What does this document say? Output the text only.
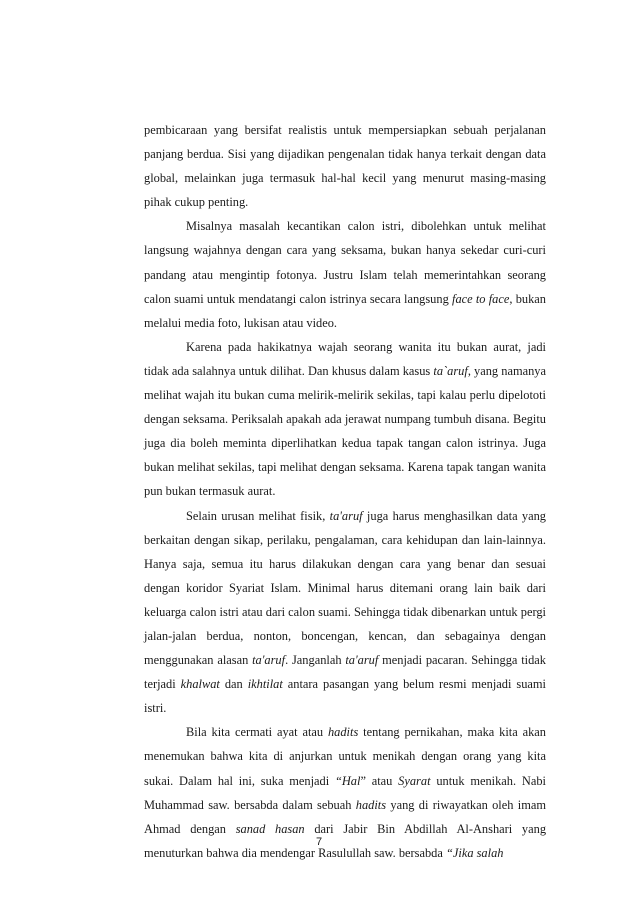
pembicaraan yang bersifat realistis untuk mempersiapkan sebuah perjalanan panjang berdua. Sisi yang dijadikan pengenalan tidak hanya terkait dengan data global, melainkan juga termasuk hal-hal kecil yang menurut masing-masing pihak cukup penting.

Misalnya masalah kecantikan calon istri, dibolehkan untuk melihat langsung wajahnya dengan cara yang seksama, bukan hanya sekedar curi-curi pandang atau mengintip fotonya. Justru Islam telah memerintahkan seorang calon suami untuk mendatangi calon istrinya secara langsung face to face, bukan melalui media foto, lukisan atau video.

Karena pada hakikatnya wajah seorang wanita itu bukan aurat, jadi tidak ada salahnya untuk dilihat. Dan khusus dalam kasus ta`aruf, yang namanya melihat wajah itu bukan cuma melirik-melirik sekilas, tapi kalau perlu dipelototi dengan seksama. Periksalah apakah ada jerawat numpang tumbuh disana. Begitu juga dia boleh meminta diperlihatkan kedua tapak tangan calon istrinya. Juga bukan melihat sekilas, tapi melihat dengan seksama. Karena tapak tangan wanita pun bukan termasuk aurat.

Selain urusan melihat fisik, ta'aruf juga harus menghasilkan data yang berkaitan dengan sikap, perilaku, pengalaman, cara kehidupan dan lain-lainnya. Hanya saja, semua itu harus dilakukan dengan cara yang benar dan sesuai dengan koridor Syariat Islam. Minimal harus ditemani orang lain baik dari keluarga calon istri atau dari calon suami. Sehingga tidak dibenarkan untuk pergi jalan-jalan berdua, nonton, boncengan, kencan, dan sebagainya dengan menggunakan alasan ta'aruf. Janganlah ta'aruf menjadi pacaran. Sehingga tidak terjadi khalwat dan ikhtilat antara pasangan yang belum resmi menjadi suami istri.

Bila kita cermati ayat atau hadits tentang pernikahan, maka kita akan menemukan bahwa kita di anjurkan untuk menikah dengan orang yang kita sukai. Dalam hal ini, suka menjadi “Hal” atau Syarat untuk menikah. Nabi Muhammad saw. bersabda dalam sebuah hadits yang di riwayatkan oleh imam Ahmad dengan sanad hasan dari Jabir Bin Abdillah Al-Anshari yang menuturkan bahwa dia mendengar Rasulullah saw. bersabda “Jika salah

7
